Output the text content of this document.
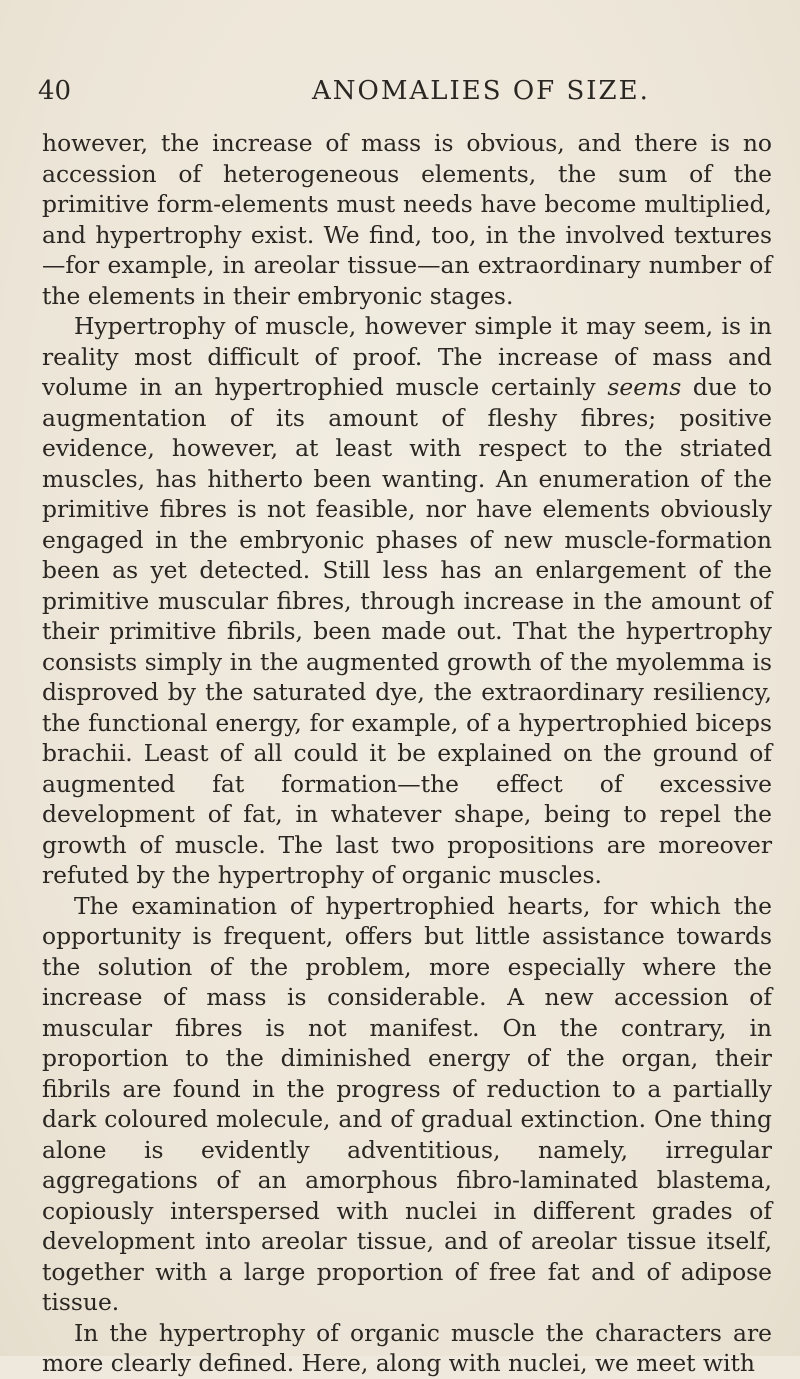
40	ANOMALIES OF SIZE.

however, the increase of mass is obvious, and there is no accession of heterogeneous elements, the sum of the primitive form-elements must needs have become multiplied, and hypertrophy exist. We find, too, in the involved textures—for example, in areolar tissue—an extraordinary number of the elements in their embryonic stages.

Hypertrophy of muscle, however simple it may seem, is in reality most difficult of proof. The increase of mass and volume in an hypertrophied muscle certainly seems due to augmentation of its amount of fleshy fibres; positive evidence, however, at least with respect to the striated muscles, has hitherto been wanting. An enumeration of the primitive fibres is not feasible, nor have elements obviously engaged in the embryonic phases of new muscle-formation been as yet detected. Still less has an enlargement of the primitive muscular fibres, through increase in the amount of their primitive fibrils, been made out. That the hypertrophy consists simply in the augmented growth of the myolemma is disproved by the saturated dye, the extraordinary resiliency, the functional energy, for example, of a hypertrophied biceps brachii. Least of all could it be explained on the ground of augmented fat formation—the effect of excessive development of fat, in whatever shape, being to repel the growth of muscle. The last two propositions are moreover refuted by the hypertrophy of organic muscles.

The examination of hypertrophied hearts, for which the opportunity is frequent, offers but little assistance towards the solution of the problem, more especially where the increase of mass is considerable. A new accession of muscular fibres is not manifest. On the contrary, in proportion to the diminished energy of the organ, their fibrils are found in the progress of reduction to a partially dark coloured molecule, and of gradual extinction. One thing alone is evidently adventitious, namely, irregular aggregations of an amorphous fibro-laminated blastema, copiously interspersed with nuclei in different grades of development into areolar tissue, and of areolar tissue itself, together with a large proportion of free fat and of adipose tissue.

In the hypertrophy of organic muscle the characters are more clearly defined. Here, along with nuclei, we meet with
